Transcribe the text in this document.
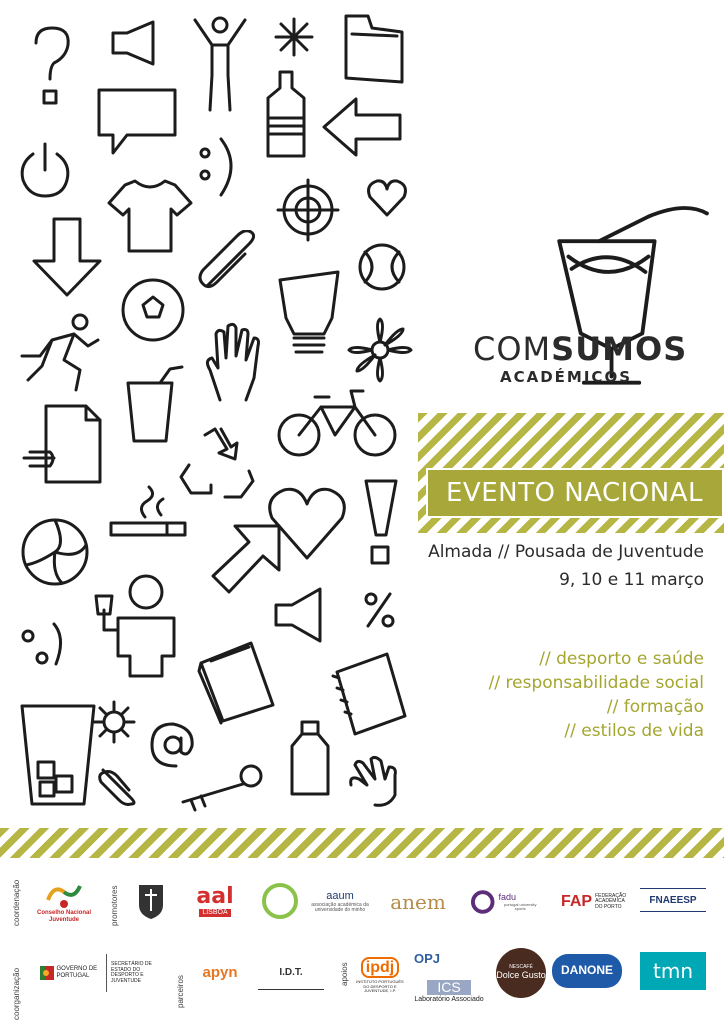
COMSUMOS
ACADÉMICOS
EVENTO NACIONAL
Almada // Pousada de Juventude
9, 10 e 11 março
// desporto e saúde
// responsabilidade social
// formação
// estilos de vida
coordenação	Conselho Nacional Juventude	promotores	aal
LISBOA
aaum
associação académica da universidade do minho anem	fadu
portugal university sports	FAP FEDERAÇÃO ACADÉMICA DO PORTO
FNAEESP
coorganização	GOVERNO DE PORTUGAL
SECRETÁRIO DE ESTADO DO DESPORTO E JUVENTUDE	parceiros
apyn	I.D.T.	apoios	ipdj
INSTITUTO PORTUGUÊS DO DESPORTO E JUVENTUDE, I.P.
OPJ
ICS
Laboratório Associado
NESCAFÉ
Dolce Gusto DANONE tmn
